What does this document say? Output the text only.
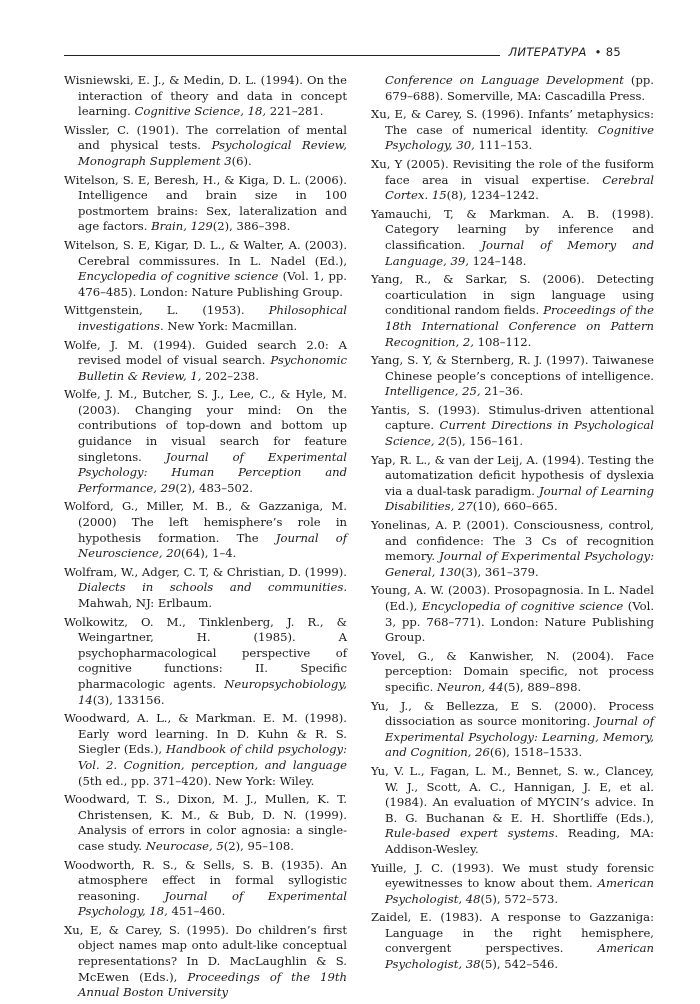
ЛИТЕРАТУРА • 85

Wisniewski, E. J., & Medin, D. L. (1994). On the interaction of theory and data in concept learning. Cognitive Science, 18, 221–281.

Wissler, C. (1901). The correlation of mental and physical tests. Psychological Review, Monograph Supplement 3(6).

Witelson, S. E, Beresh, H., & Kiga, D. L. (2006). Intelligence and brain size in 100 postmortem brains: Sex, lateralization and age factors. Brain, 129(2), 386–398.

Witelson, S. E, Kigar, D. L., & Walter, A. (2003). Cerebral commissures. In L. Nadel (Ed.), Encyclopedia of cognitive science (Vol. 1, pp. 476–485). London: Nature Publishing Group.

Wittgenstein, L. (1953). Philosophical investigations. New York: Macmillan.

Wolfe, J. M. (1994). Guided search 2.0: A revised model of visual search. Psychonomic Bulletin & Review, 1, 202–238.

Wolfe, J. M., Butcher, S. J., Lee, C., & Hyle, M. (2003). Changing your mind: On the contributions of top-down and bottom up guidance in visual search for feature singletons. Journal of Experimental Psychology: Human Perception and Performance, 29(2), 483–502.

Wolford, G., Miller, M. B., & Gazzaniga, M. (2000) The left hemisphere’s role in hypothesis formation. The Journal of Neuroscience, 20(64), 1–4.

Wolfram, W., Adger, C. T, & Christian, D. (1999). Dialects in schools and communities. Mahwah, NJ: Erlbaum.

Wolkowitz, O. M., Tinklenberg, J. R., & Weingartner, H. (1985). A psychopharmacological perspective of cognitive functions: II. Specific pharmacologic agents. Neuropsychobiology, 14(3), 133156.

Woodward, A. L., & Markman. E. M. (1998). Early word learning. In D. Kuhn & R. S. Siegler (Eds.), Handbook of child psychology: Vol. 2. Cognition, perception, and language (5th ed., pp. 371–420). New York: Wiley.

Woodward, T. S., Dixon, M. J., Mullen, K. T. Christensen, K. M., & Bub, D. N. (1999). Analysis of errors in color agnosia: a single-case study. Neurocase, 5(2), 95–108.

Woodworth, R. S., & Sells, S. B. (1935). An atmosphere effect in formal syllogistic reasoning. Journal of Experimental Psychology, 18, 451–460.

Xu, E, & Carey, S. (1995). Do children’s first object names map onto adult-like conceptual representations? In D. MacLaughlin & S. McEwen (Eds.), Proceedings of the 19th Annual Boston University

Conference on Language Development (pp. 679–688). Somerville, MA: Cascadilla Press.

Xu, E, & Carey, S. (1996). Infants’ metaphysics: The case of numerical identity. Cognitive Psychology, 30, 111–153.

Xu, Y (2005). Revisiting the role of the fusiform face area in visual expertise. Cerebral Cortex. 15(8), 1234–1242.

Yamauchi, T, & Markman. A. B. (1998). Category learning by inference and classification. Journal of Memory and Language, 39, 124–148.

Yang, R., & Sarkar, S. (2006). Detecting coarticulation in sign language using conditional random fields. Proceedings of the 18th International Conference on Pattern Recognition, 2, 108–112.

Yang, S. Y, & Sternberg, R. J. (1997). Taiwanese Chinese people’s conceptions of intelligence. Intelligence, 25, 21–36.

Yantis, S. (1993). Stimulus-driven attentional capture. Current Directions in Psychological Science, 2(5), 156–161.

Yap, R. L., & van der Leij, A. (1994). Testing the automatization deficit hypothesis of dyslexia via a dual-task paradigm. Journal of Learning Disabilities, 27(10), 660–665.

Yonelinas, A. P. (2001). Consciousness, control, and confidence: The 3 Cs of recognition memory. Journal of Experimental Psychology: General, 130(3), 361–379.

Young, A. W. (2003). Prosopagnosia. In L. Nadel (Ed.), Encyclopedia of cognitive science (Vol. 3, pp. 768–771). London: Nature Publishing Group.

Yovel, G., & Kanwisher, N. (2004). Face perception: Domain specific, not process specific. Neuron, 44(5), 889–898.

Yu, J., & Bellezza, E S. (2000). Process dissociation as source monitoring. Journal of Experimental Psychology: Learning, Memory, and Cognition, 26(6), 1518–1533.

Yu, V. L., Fagan, L. M., Bennet, S. w., Clancey, W. J., Scott, A. C., Hannigan, J. E, et al. (1984). An evaluation of MYCIN’s advice. In B. G. Buchanan & E. H. Shortliffe (Eds.), Rule-based expert systems. Reading, MA: Addison-Wesley.

Yuille, J. C. (1993). We must study forensic eyewitnesses to know about them. American Psychologist, 48(5), 572–573.

Zaidel, E. (1983). A response to Gazzaniga: Language in the right hemisphere, convergent perspectives. American Psychologist, 38(5), 542–546.
